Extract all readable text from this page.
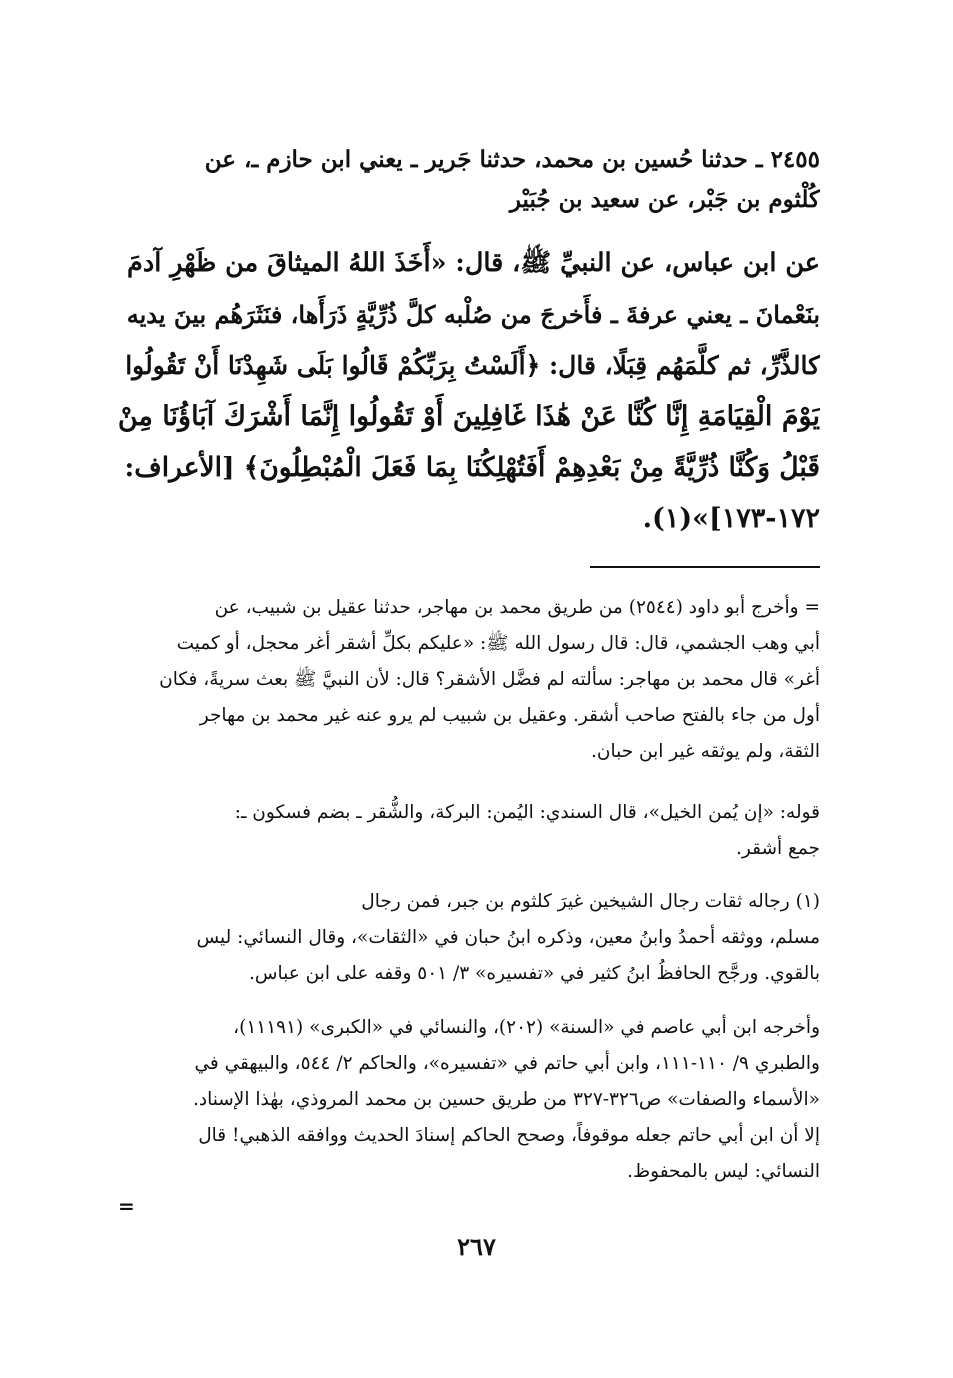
٢٤٥٥ ـ حدثنا حُسين بن محمد، حدثنا جَرير ـ يعني ابن حازم ـ، عن
كُلْثوم بن جَبْر، عن سعيد بن جُبَيْر
عن ابن عباس، عن النبيِّ ﷺ، قال: «أَخَذَ اللهُ الميثاقَ من ظَهْرِ آدمَ
بنَعْمانَ ـ يعني عرفةَ ـ فأَخرجَ من صُلْبه كلَّ ذُرِّيَّةٍ ذَرَأَها، فنَثَرَهُم بينَ يديه
كالذَّرِّ، ثم كلَّمَهُم قِبَلًا، قال: ﴿أَلَسْتُ بِرَبِّكُمْ قَالُوا بَلَى شَهِدْنَا أَنْ تَقُولُوا
يَوْمَ الْقِيَامَةِ إِنَّا كُنَّا عَنْ هَٰذَا غَافِلِينَ أَوْ تَقُولُوا إِنَّمَا أَشْرَكَ آبَاؤُنَا مِنْ
قَبْلُ وَكُنَّا ذُرِّيَّةً مِنْ بَعْدِهِمْ أَفَتُهْلِكُنَا بِمَا فَعَلَ الْمُبْطِلُونَ﴾ [الأعراف:
١٧٢-١٧٣]»(١).
= وأخرج أبو داود (٢٥٤٤) من طريق محمد بن مهاجر، حدثنا عقيل بن شبيب، عن
أبي وهب الجشمي، قال: قال رسول الله ﷺ: «عليكم بكلِّ أشقر أغر محجل، أو كميت
أغر» قال محمد بن مهاجر: سألته لم فضَّل الأشقر؟ قال: لأن النبيَّ ﷺ بعث سريةً، فكان
أول من جاء بالفتح صاحب أشقر. وعقيل بن شبيب لم يرو عنه غير محمد بن مهاجر
الثقة، ولم يوثقه غير ابن حبان.
قوله: «إن يُمن الخيل»، قال السندي: اليُمن: البركة، والشُّقر ـ بضم فسكون ـ:
جمع أشقر.
(١) رجاله ثقات رجال الشيخين غيرَ كلثوم بن جبر، فمن رجال
مسلم، ووثقه أحمدُ وابنُ معين، وذكره ابنُ حبان في «الثقات»، وقال النسائي: ليس
بالقوي. ورجَّح الحافظُ ابنُ كثير في «تفسيره» ٣/ ٥٠١ وقفه على ابن عباس.
وأخرجه ابن أبي عاصم في «السنة» (٢٠٢)، والنسائي في «الكبرى» (١١١٩١)،
والطبري ٩/ ١١٠-١١١، وابن أبي حاتم في «تفسيره»، والحاكم ٢/ ٥٤٤، والبيهقي في
«الأسماء والصفات» ص٣٢٦-٣٢٧ من طريق حسين بن محمد المروذي، بهٰذا الإسناد.
إلا أن ابن أبي حاتم جعله موقوفاً، وصحح الحاكم إسنادَ الحديث ووافقه الذهبي! قال
النسائي: ليس بالمحفوظ.
=
٢٦٧
